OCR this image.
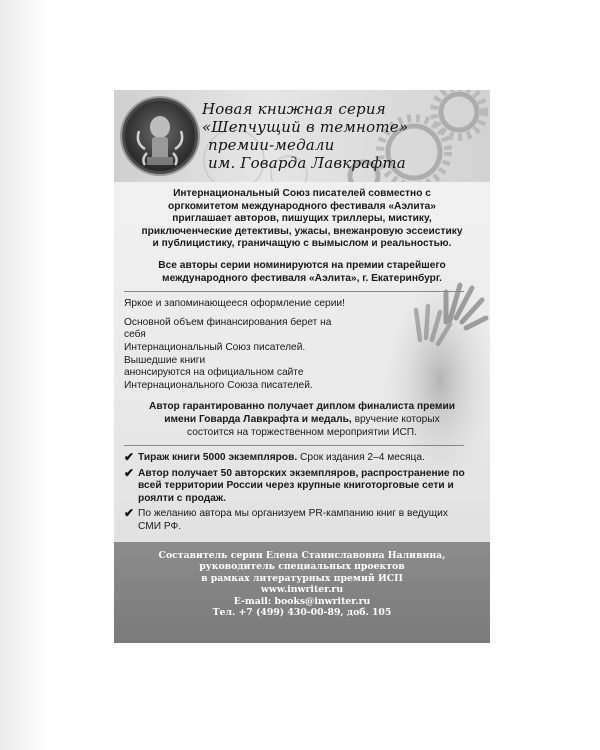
Новая книжная серия
«Шепчущий в темноте»
премии-медали
им. Говарда Лавкрафта
Интернациональный Союз писателей совместно с
оргкомитетом международного фестиваля «Аэлита»
приглашает авторов, пишущих триллеры, мистику,
приключенческие детективы, ужасы, внежанровую эссеистику
и публицистику, граничащую с вымыслом и реальностью.
Все авторы серии номинируются на премии старейшего
международного фестиваля «Аэлита», г. Екатеринбург.

Яркое и запоминающееся оформление серии!

Основной объем финансирования берет на себя
Интернациональный Союз писателей. Вышедшие книги
анонсируются на официальном сайте
Интернационального Союза писателей.
Автор гарантированно получает диплом финалиста премии
имени Говарда Лавкрафта и медаль, вручение которых
состоится на торжественном мероприятии ИСП.
✔ Тираж книги 5000 экземпляров. Срок издания 2–4 месяца.
✔ Автор получает 50 авторских экземпляров, распространение по всей территории России через крупные книготорговые сети и роялти с продаж.
✔ По желанию автора мы организуем PR-кампанию книг в ведущих СМИ РФ.

Составитель серии Елена Станиславовна Наливина,
руководитель специальных проектов
в рамках литературных премий ИСП
www.inwriter.ru
E-mail: books@inwriter.ru
Тел. +7 (499) 430-00-89, доб. 105
